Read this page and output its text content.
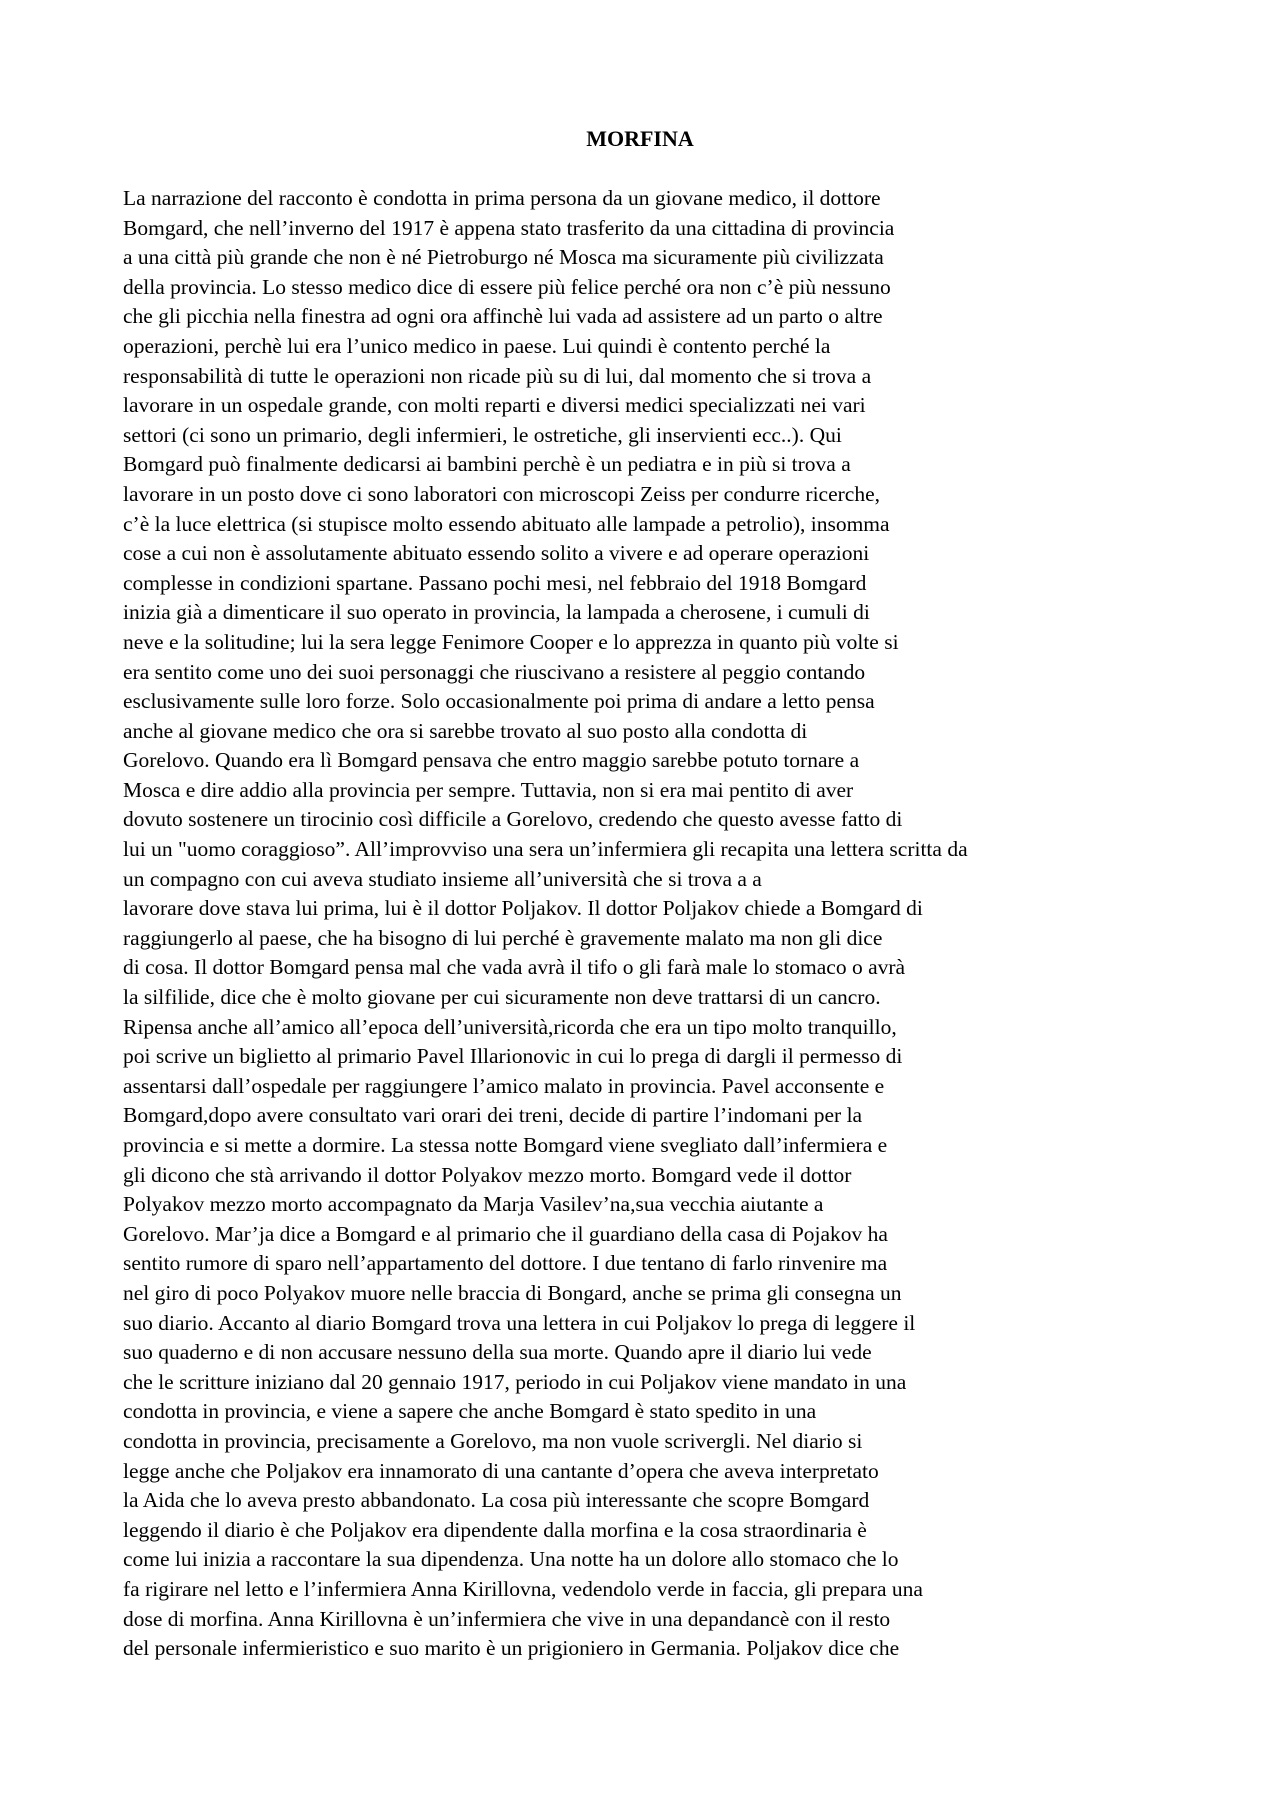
MORFINA
La narrazione del racconto è condotta in prima persona da un giovane medico, il dottore
Bomgard, che nell’inverno del 1917 è appena stato trasferito da una cittadina di provincia
a una città più grande che non è né Pietroburgo né Mosca ma sicuramente più civilizzata
della provincia. Lo stesso medico dice di essere più felice perché ora non c’è più nessuno
che gli picchia nella finestra ad ogni ora affinchè lui vada ad assistere ad un parto o altre
operazioni, perchè lui era l’unico medico in paese. Lui quindi è contento perché la
responsabilità di tutte le operazioni non ricade più su di lui, dal momento che si trova a
lavorare in un ospedale grande, con molti reparti e diversi medici specializzati nei vari
settori (ci sono un primario, degli infermieri, le ostretiche, gli inservienti ecc..). Qui
Bomgard può finalmente dedicarsi ai bambini perchè è un pediatra e in più si trova a
lavorare in un posto dove ci sono laboratori con microscopi Zeiss per condurre ricerche,
c’è la luce elettrica (si stupisce molto essendo abituato alle lampade a petrolio), insomma
cose a cui non è assolutamente abituato essendo solito a vivere e ad operare operazioni
complesse in condizioni spartane. Passano pochi mesi, nel febbraio del 1918 Bomgard
inizia già a dimenticare il suo operato in provincia, la lampada a cherosene, i cumuli di
neve e la solitudine; lui la sera legge Fenimore Cooper e lo apprezza in quanto più volte si
era sentito come uno dei suoi personaggi che riuscivano a resistere al peggio contando
esclusivamente sulle loro forze. Solo occasionalmente poi prima di andare a letto pensa
anche al giovane medico che ora si sarebbe trovato al suo posto alla condotta di
Gorelovo. Quando era lì Bomgard pensava che entro maggio sarebbe potuto tornare a
Mosca e dire addio alla provincia per sempre. Tuttavia, non si era mai pentito di aver
dovuto sostenere un tirocinio così difficile a Gorelovo, credendo che questo avesse fatto di
lui un "uomo coraggioso”. All’improvviso una sera un’infermiera gli recapita una lettera scritta da
un compagno con cui aveva studiato insieme all’università che si trova a a
lavorare dove stava lui prima, lui è il dottor Poljakov. Il dottor Poljakov chiede a Bomgard di
raggiungerlo al paese, che ha bisogno di lui perché è gravemente malato ma non gli dice
di cosa. Il dottor Bomgard pensa mal che vada avrà il tifo o gli farà male lo stomaco o avrà
la silfilide, dice che è molto giovane per cui sicuramente non deve trattarsi di un cancro.
Ripensa anche all’amico all’epoca dell’università,ricorda che era un tipo molto tranquillo,
poi scrive un biglietto al primario Pavel Illarionovic in cui lo prega di dargli il permesso di
assentarsi dall’ospedale per raggiungere l’amico malato in provincia. Pavel acconsente e
Bomgard,dopo avere consultato vari orari dei treni, decide di partire l’indomani per la
provincia e si mette a dormire. La stessa notte Bomgard viene svegliato dall’infermiera e
gli dicono che stà arrivando il dottor Polyakov mezzo morto. Bomgard vede il dottor
Polyakov mezzo morto accompagnato da Marja Vasilev’na,sua vecchia aiutante a
Gorelovo. Mar’ja dice a Bomgard e al primario che il guardiano della casa di Pojakov ha
sentito rumore di sparo nell’appartamento del dottore. I due tentano di farlo rinvenire ma
nel giro di poco Polyakov muore nelle braccia di Bongard, anche se prima gli consegna un
suo diario. Accanto al diario Bomgard trova una lettera in cui Poljakov lo prega di leggere il
suo quaderno e di non accusare nessuno della sua morte. Quando apre il diario lui vede
che le scritture iniziano dal 20 gennaio 1917, periodo in cui Poljakov viene mandato in una
condotta in provincia, e viene a sapere che anche Bomgard è stato spedito in una
condotta in provincia, precisamente a Gorelovo, ma non vuole scrivergli. Nel diario si
legge anche che Poljakov era innamorato di una cantante d’opera che aveva interpretato
la Aida che lo aveva presto abbandonato. La cosa più interessante che scopre Bomgard
leggendo il diario è che Poljakov era dipendente dalla morfina e la cosa straordinaria è
come lui inizia a raccontare la sua dipendenza. Una notte ha un dolore allo stomaco che lo
fa rigirare nel letto e l’infermiera Anna Kirillovna, vedendolo verde in faccia, gli prepara una
dose di morfina. Anna Kirillovna è un’infermiera che vive in una depandancè con il resto
del personale infermieristico e suo marito è un prigioniero in Germania. Poljakov dice che
